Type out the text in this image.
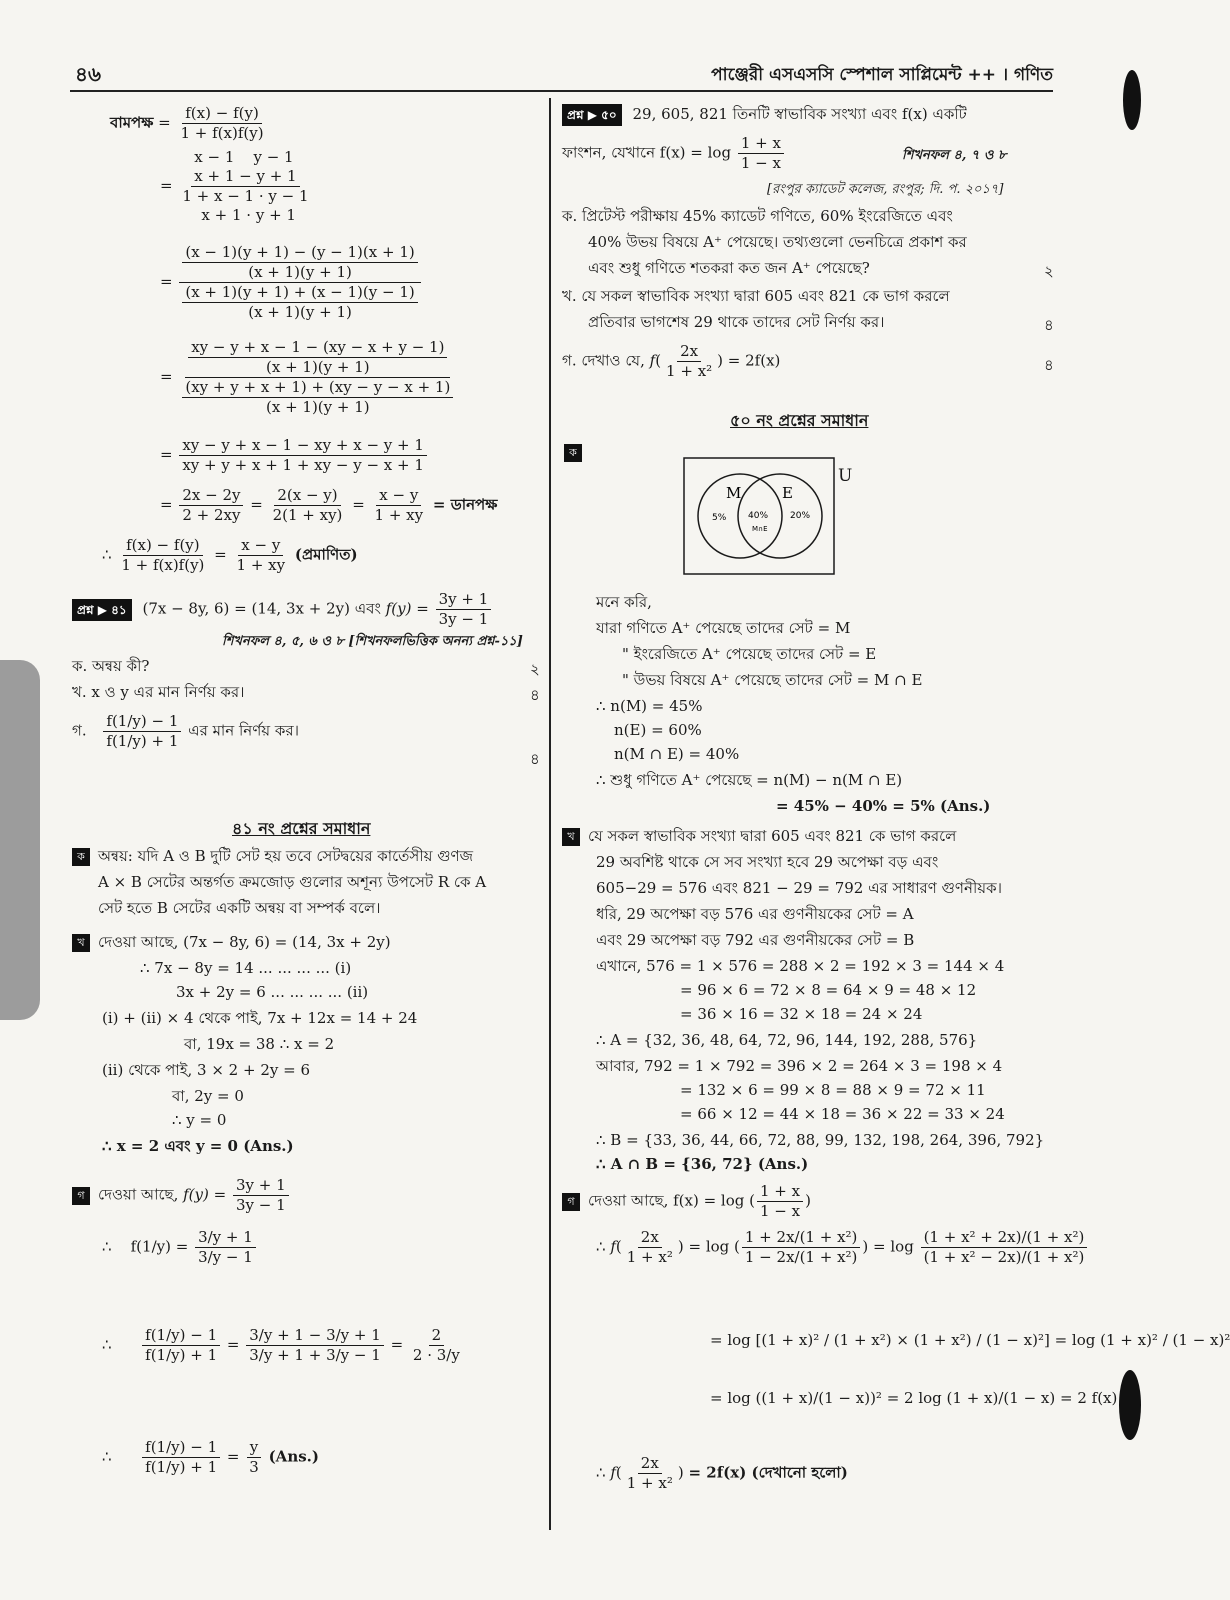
৪৬	পাঞ্জেরী এসএসসি স্পেশাল সাপ্লিমেন্ট ++ । গণিত
বামপক্ষ = $\frac{f(x) - f(y)}{1 + f(x)f(y)}$
=
x − 1    y − 1
x + 1 − y + 1
1 + x − 1 · y − 1
x + 1 · y + 1
= $\frac{\frac{(x - 1)(y + 1) - (y - 1)(x + 1)}{(x + 1)(y + 1)}}{\frac{(x + 1)(y + 1) + (x - 1)(y - 1)}{(x + 1)(y + 1)}}$
= $\frac{\frac{xy - y + x - 1 - (xy - x + y - 1)}{(x + 1)(y + 1)}}{\frac{(xy + y + x + 1) + (xy - y - x + 1)}{(x + 1)(y + 1)}}$
= $\frac{xy - y + x - 1 - xy + x - y + 1}{xy + y + x + 1 + xy - y - x + 1}$
= $\frac{2x - 2y}{2 + 2xy} = \frac{2(x - y)}{2(1 + xy)} = \frac{x - y}{1 + xy}$ = ডানপক্ষ
∴ $\frac{f(x) - f(y)}{1 + f(x)f(y)} = \frac{x - y}{1 + xy}$ (প্রমাণিত)
প্রশ্ন ▶ ৪১ (7x − 8y, 6) = (14, 3x + 2y) এবং $f(y) = \frac{3y + 1}{3y - 1}$
শিখনফল ৪, ৫, ৬ ও ৮ [শিখনফলভিত্তিক অনন্য প্রশ্ন-১১]
ক. অন্বয় কী?	২
খ. x ও y এর মান নির্ণয় কর।	৪
গ. $\frac{f(1/y) - 1}{f(1/y) + 1}$ এর মান নির্ণয় কর।
৪
৪১ নং প্রশ্নের সমাধান
ক অন্বয়: যদি A ও B দুটি সেট হয় তবে সেটদ্বয়ের কার্তেসীয় গুণজ
A × B সেটের অন্তর্গত ক্রমজোড় গুলোর অশূন্য উপসেট R কে A
সেট হতে B সেটের একটি অন্বয় বা সম্পর্ক বলে।
খ দেওয়া আছে, (7x − 8y, 6) = (14, 3x + 2y)
∴ 7x − 8y = 14 ... ... ... ... (i)
3x + 2y = 6 ... ... ... ... (ii)
(i) + (ii) × 4 থেকে পাই, 7x + 12x = 14 + 24
বা, 19x = 38 ∴ x = 2
(ii) থেকে পাই, 3 × 2 + 2y = 6
বা, 2y = 0
∴ y = 0
∴ x = 2 এবং y = 0 (Ans.)
গ দেওয়া আছে, $f(y) = \frac{3y + 1}{3y - 1}$
∴    $f(1/y) = \frac{3/y + 1}{3/y - 1}$
∴ $\frac{f(1/y) - 1}{f(1/y) + 1} = \frac{3/y + 1 - 3/y + 1}{3/y + 1 + 3/y - 1} = \frac{2}{2 \cdot 3/y}$
∴ $\frac{f(1/y) - 1}{f(1/y) + 1} = \frac{y}{3} (Ans.)$
প্রশ্ন ▶ ৫০ 29, 605, 821 তিনটি স্বাভাবিক সংখ্যা এবং f(x) একটি
ফাংশন, যেখানে $f(x) = \log \frac{1 + x}{1 - x}$	শিখনফল ৪, ৭ ও ৮
[রংপুর ক্যাডেট কলেজ, রংপুর; দি. প. ২০১৭]
ক. প্রিটেস্ট পরীক্ষায় 45% ক্যাডেট গণিতে, 60% ইংরেজিতে এবং
40% উভয় বিষয়ে A⁺ পেয়েছে। তথ্যগুলো ভেনচিত্রে প্রকাশ কর
এবং শুধু গণিতে শতকরা কত জন A⁺ পেয়েছে?	২
খ. যে সকল স্বাভাবিক সংখ্যা দ্বারা 605 এবং 821 কে ভাগ করলে
প্রতিবার ভাগশেষ 29 থাকে তাদের সেট নির্ণয় কর।	৪
গ. দেখাও যে, $f( \frac{2x}{\text{1 + x²}}$ ) = 2f(x)	৪
৫০ নং প্রশ্নের সমাধান
ক
M	E
5% 40%
M∩E
20%
U
মনে করি,
যারা গণিতে A⁺ পেয়েছে তাদের সেট = M
" ইংরেজিতে A⁺ পেয়েছে তাদের সেট = E
" উভয় বিষয়ে A⁺ পেয়েছে তাদের সেট = M ∩ E
∴ n(M) = 45%
n(E) = 60%
n(M ∩ E) = 40%
∴ শুধু গণিতে A⁺ পেয়েছে = n(M) − n(M ∩ E)
= 45% − 40% = 5% (Ans.)
খ যে সকল স্বাভাবিক সংখ্যা দ্বারা 605 এবং 821 কে ভাগ করলে
29 অবশিষ্ট থাকে সে সব সংখ্যা হবে 29 অপেক্ষা বড় এবং
605−29 = 576 এবং 821 − 29 = 792 এর সাধারণ গুণনীয়ক।
ধরি, 29 অপেক্ষা বড় 576 এর গুণনীয়কের সেট = A
এবং 29 অপেক্ষা বড় 792 এর গুণনীয়কের সেট = B
এখানে, 576 = 1 × 576 = 288 × 2 = 192 × 3 = 144 × 4
= 96 × 6 = 72 × 8 = 64 × 9 = 48 × 12
= 36 × 16 = 32 × 18 = 24 × 24
∴ A = {32, 36, 48, 64, 72, 96, 144, 192, 288, 576}
আবার, 792 = 1 × 792 = 396 × 2 = 264 × 3 = 198 × 4
= 132 × 6 = 99 × 8 = 88 × 9 = 72 × 11
= 66 × 12 = 44 × 18 = 36 × 22 = 33 × 24
∴ B = {33, 36, 44, 66, 72, 88, 99, 132, 198, 264, 396, 792}
∴ A ∩ B = {36, 72} (Ans.)
গ দেওয়া আছে, f(x) = log ( $\frac{1 + x}{1 - x}$ )
∴ $f( \frac{2x}{\text{1 + x²}}$ ) = log ( $\frac{\text{1 + 2x/(1 + x²)}}{\text{1 − 2x/(1 + x²)}}$ ) = $\log \frac{\text{(1 + x² + 2x)/(1 + x²)}}{\text{(1 + x² − 2x)/(1 + x²)}}$
= log [(1 + x)² / (1 + x²) × (1 + x²) / (1 − x)²] = log (1 + x)² / (1 − x)²
= log ((1 + x)/(1 − x))² = 2 log (1 + x)/(1 − x) = 2 f(x)
∴ $f( \frac{2x}{\text{1 + x²}}$ ) = 2f(x) (দেখানো হলো)
